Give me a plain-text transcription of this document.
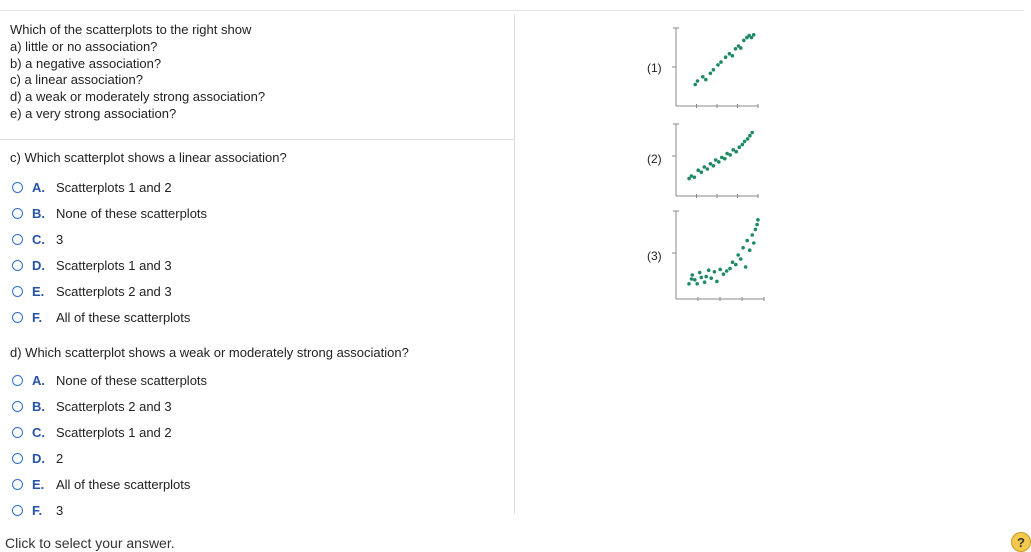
Which of the scatterplots to the right show
a) little or no association?
b) a negative association?
c) a linear association?
d) a weak or moderately strong association?
e) a very strong association?
c) Which scatterplot shows a linear association?
A. Scatterplots 1 and 2
B. None of these scatterplots
C. 3
D. Scatterplots 1 and 3
E. Scatterplots 2 and 3
F.	All of these scatterplots
d) Which scatterplot shows a weak or moderately strong association?
A. None of these scatterplots
B. Scatterplots 2 and 3
C. Scatterplots 1 and 2
D. 2
E. All of these scatterplots
F.	3
(1)
(2)
(3)
Click to select your answer.	?
